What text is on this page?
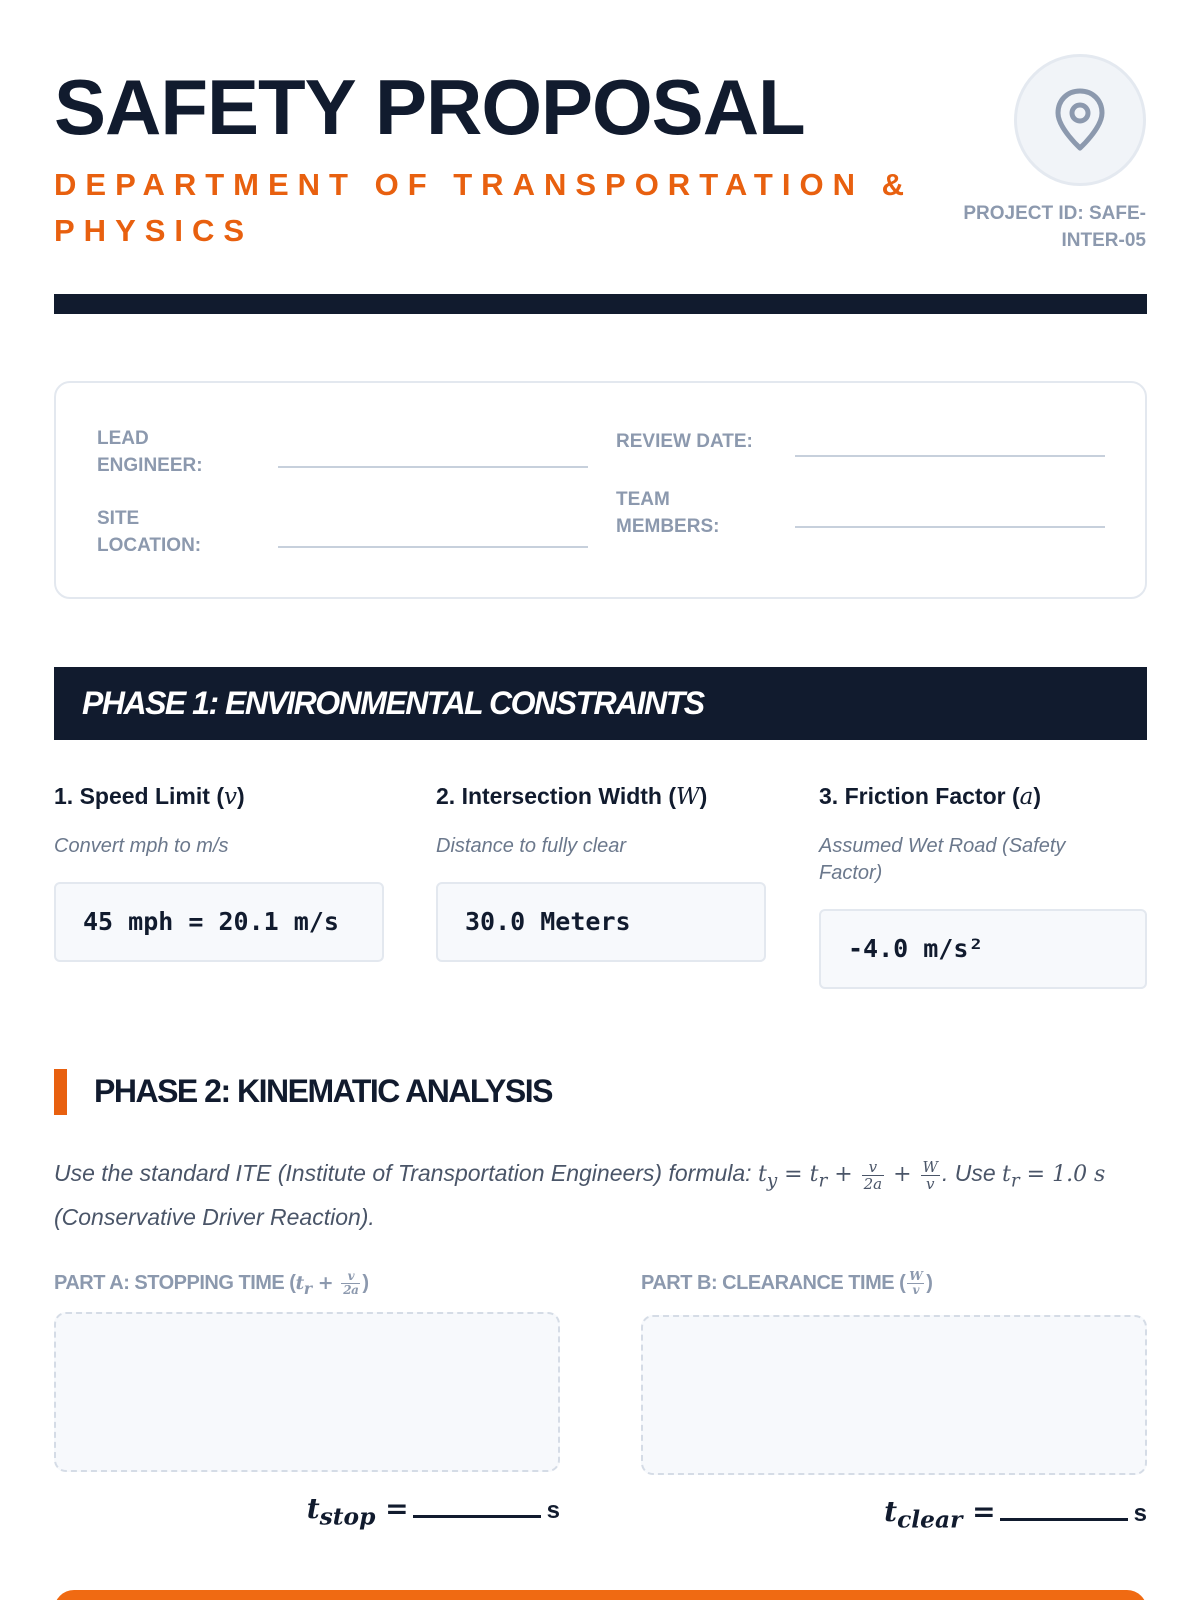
SAFETY PROPOSAL
DEPARTMENT OF TRANSPORTATION & PHYSICS	PROJECT ID: SAFE-INTER-05
LEAD ENGINEER:
SITE LOCATION:
REVIEW DATE:
TEAM MEMBERS:
PHASE 1: ENVIRONMENTAL CONSTRAINTS
1. Speed Limit (v)
Convert mph to m/s
45 mph = 20.1 m/s
2. Intersection Width (W)
Distance to fully clear
30.0 Meters
3. Friction Factor (a)
Assumed Wet Road (Safety Factor)
-4.0 m/s²
PHASE 2: KINEMATIC ANALYSIS
Use the standard ITE (Institute of Transportation Engineers) formula: $t_y = t_r + \frac{v}{2a} + \frac{W}{v}$ . Use $t_r = 1.0$ s (Conservative Driver Reaction).
PART A: STOPPING TIME ($t_r + \frac{v}{2a}$ )
$t_{stop}$ =	s
PART B: CLEARANCE TIME ( $\frac{W}{v}$ )
$t_{clear}$ =	s
